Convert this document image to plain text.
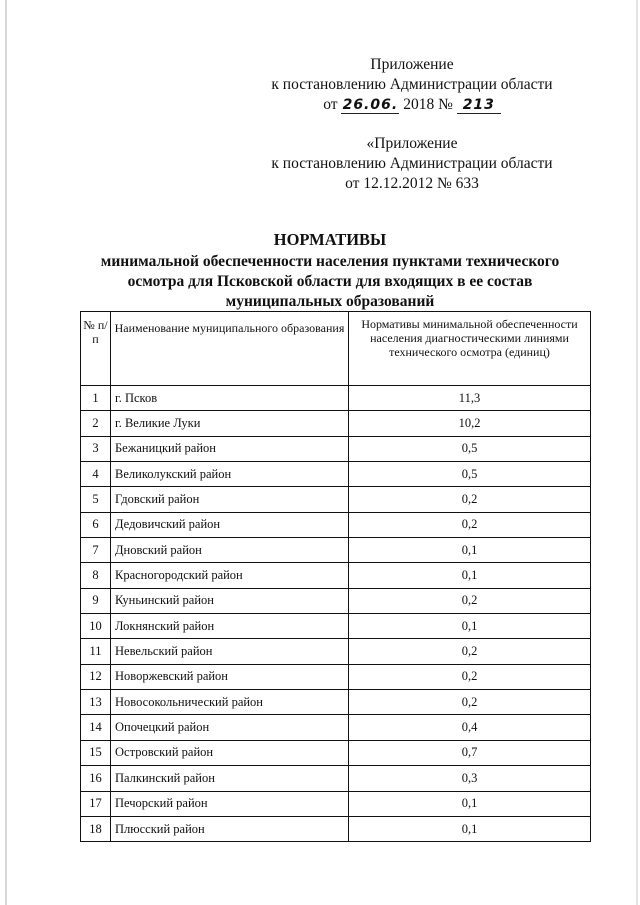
Приложение
к постановлению Администрации области
от 26.06. 2018 № 213
«Приложение
к постановлению Администрации области
от 12.12.2012 № 633
НОРМАТИВЫ
минимальной обеспеченности населения пунктами технического
осмотра для Псковской области для входящих в ее состав
муниципальных образований
№ п/п	Наименование муниципального образования	Нормативы минимальной обеспеченности населения диагностическими линиями технического осмотра (единиц)
1	г. Псков	11,3
2	г. Великие Луки	10,2
3	Бежаницкий район	0,5
4	Великолукский район	0,5
5	Гдовский район	0,2
6	Дедовичский район	0,2
7	Дновский район	0,1
8	Красногородский район	0,1
9	Куньинский район	0,2
10	Локнянский район	0,1
11	Невельский район	0,2
12	Новоржевский район	0,2
13	Новосокольнический район	0,2
14	Опочецкий район	0,4
15	Островский район	0,7
16	Палкинский район	0,3
17	Печорский район	0,1
18	Плюсский район	0,1
